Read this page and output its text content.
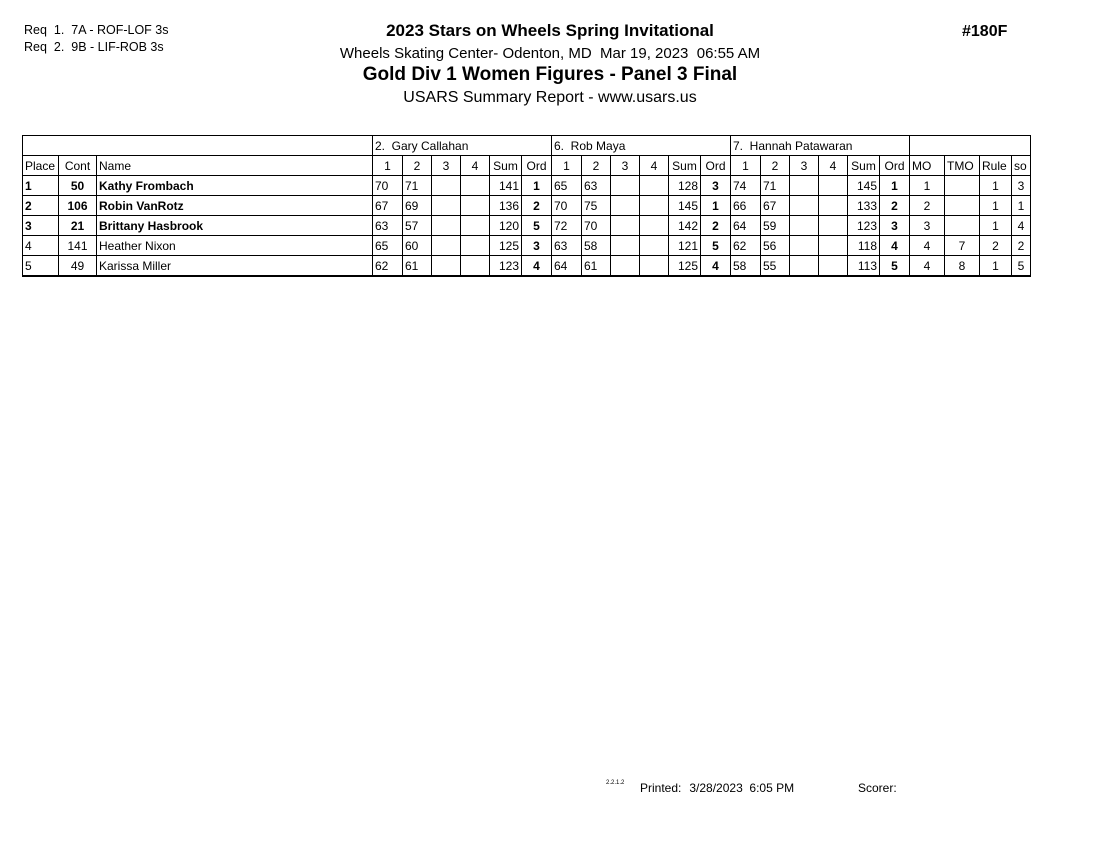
Req  1.  7A - ROF-LOF 3s
Req  2.  9B - LIF-ROB 3s
2023 Stars on Wheels Spring Invitational
Wheels Skating Center- Odenton, MD  Mar 19, 2023  06:55 AM
Gold Div 1 Women Figures - Panel 3 Final
USARS Summary Report - www.usars.us
#180F
			2.  Gary Callahan						6.  Rob Maya						7.  Hannah Patawaran									
Place	Cont	Name	1	2	3	4	Sum	Ord	1	2	3	4	Sum	Ord	1	2	3	4	Sum	Ord	MO	TMO	Rule	so
1	50	Kathy Frombach	70	71			141	1	65	63			128	3	74	71			145	1	1		1	3
2	106	Robin VanRotz	67	69			136	2	70	75			145	1	66	67			133	2	2		1	1
3	21	Brittany Hasbrook	63	57			120	5	72	70			142	2	64	59			123	3	3		1	4
4	141	Heather Nixon	65	60			125	3	63	58			121	5	62	56			118	4	4	7	2	2
5	49	Karissa Miller	62	61			123	4	64	61			125	4	58	55			113	5	4	8	1	5
2.2.1.2 Printed: 3/28/2023  6:05 PM	Scorer:
